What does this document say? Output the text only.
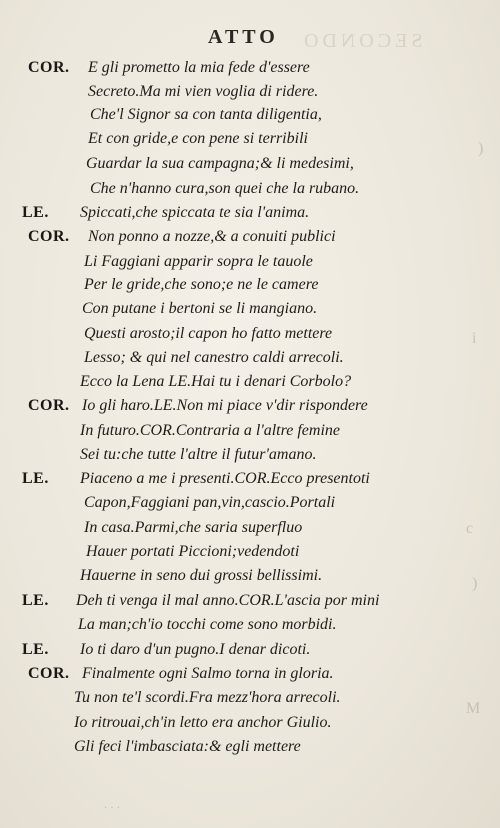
SECONDO
ATTO
COR. E gli prometto la mia fede d'essere
Secreto.Ma mi vien voglia di ridere.
Che'l Signor sa con tanta diligentia,
Et con gride,e con pene si terribili
Guardar la sua campagna;& li medesimi,
Che n'hanno cura,son quei che la rubano.
LE. Spiccati,che spiccata te sia l'anima.
COR. Non ponno a nozze,& a conuiti publici
Li Faggiani apparir sopra le tauole
Per le gride,che sono;e ne le camere
Con putane i bertoni se li mangiano.
Questi arosto;il capon ho fatto mettere
Lesso; & qui nel canestro caldi arrecoli.
Ecco la Lena LE.Hai tu i denari Corbolo?
COR. Io gli haro.LE.Non mi piace v'dir rispondere
In futuro.COR.Contraria a l'altre femine
Sei tu:che tutte l'altre il futur'amano.
LE. Piaceno a me i presenti.COR.Ecco presentoti
Capon,Faggiani pan,vin,cascio.Portali
In casa.Parmi,che saria superfluo
Hauer portati Piccioni;vedendoti
Hauerne in seno dui grossi bellissimi.
LE. Deh ti venga il mal anno.COR.L'ascia por mini
La man;ch'io tocchi come sono morbidi.
LE. Io ti daro d'un pugno.I denar dicoti.
COR. Finalmente ogni Salmo torna in gloria.
Tu non te'l scordi.Fra mezz'hora arrecoli.
Io ritrouai,ch'in letto era anchor Giulio.
Gli feci l'imbasciata:& egli mettere
)
i
c
)
M
. . .
